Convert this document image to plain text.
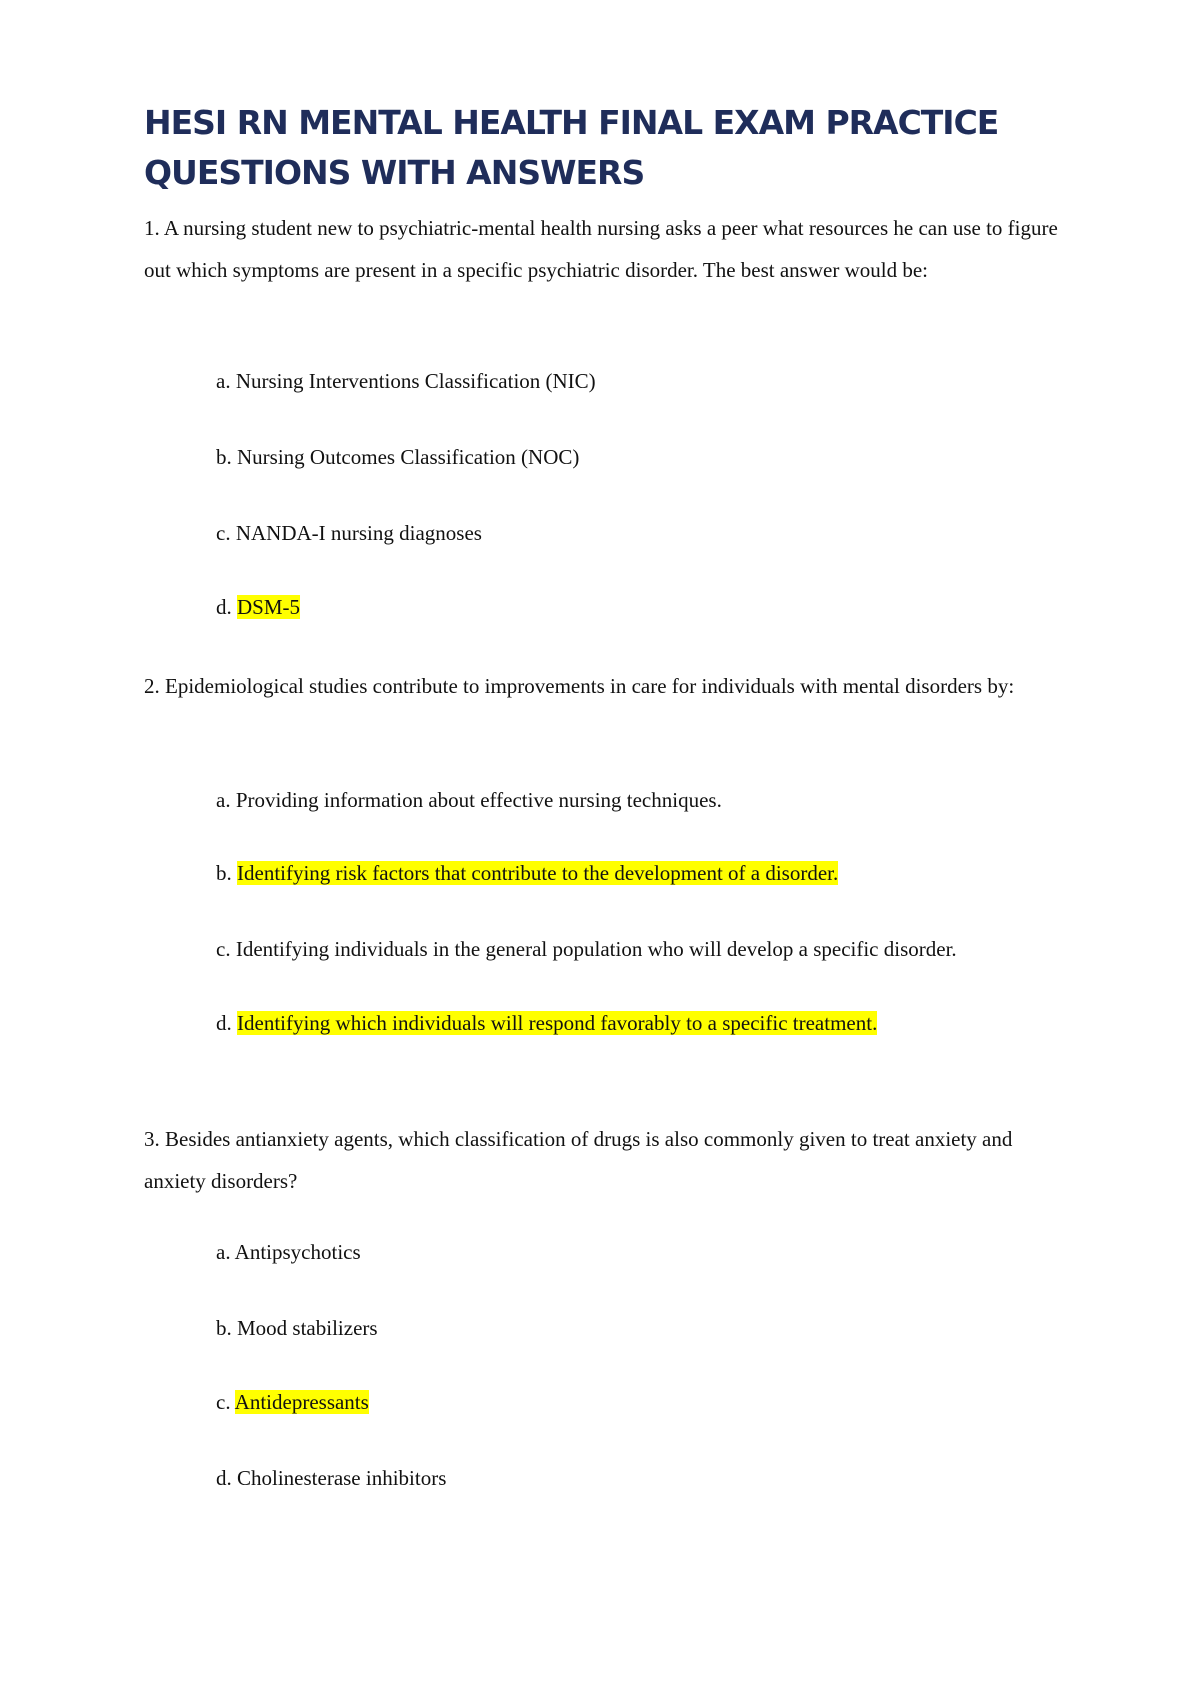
HESI RN MENTAL HEALTH FINAL EXAM PRACTICE QUESTIONS WITH ANSWERS

1. A nursing student new to psychiatric-mental health nursing asks a peer what resources he can use to figure out which symptoms are present in a specific psychiatric disorder. The best answer would be:

a. Nursing Interventions Classification (NIC)

b. Nursing Outcomes Classification (NOC)

c. NANDA-I nursing diagnoses

d. DSM-5

2. Epidemiological studies contribute to improvements in care for individuals with mental disorders by:

a. Providing information about effective nursing techniques.

b. Identifying risk factors that contribute to the development of a disorder.

c. Identifying individuals in the general population who will develop a specific disorder.

d. Identifying which individuals will respond favorably to a specific treatment.

3. Besides antianxiety agents, which classification of drugs is also commonly given to treat anxiety and anxiety disorders?

a. Antipsychotics

b. Mood stabilizers

c. Antidepressants

d. Cholinesterase inhibitors
